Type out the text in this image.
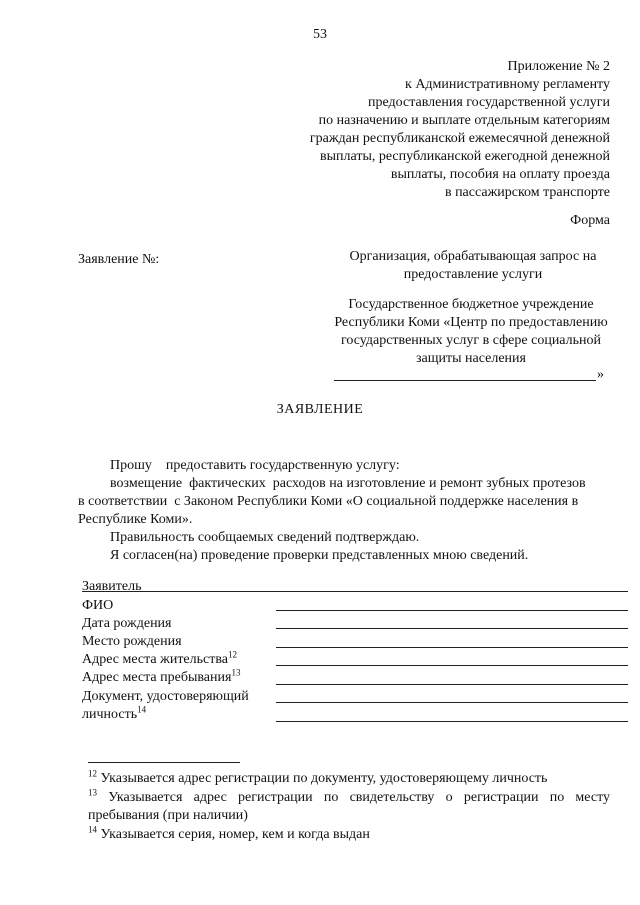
53
Приложение № 2
к Административному регламенту
предоставления государственной услуги
по назначению и выплате отдельным категориям
граждан республиканской ежемесячной денежной
выплаты, республиканской ежегодной денежной
выплаты, пособия на оплату проезда
в пассажирском транспорте
Форма
Заявление №:	Организация, обрабатывающая запрос на
предоставление услуги
Государственное бюджетное учреждение
Республики Коми «Центр по предоставлению
государственных услуг в сфере социальной
защиты населения
»
ЗАЯВЛЕНИЕ
Прошу    предоставить государственную услугу:
возмещение  фактических  расходов на изготовление и ремонт зубных протезов
в соответствии  с Законом Республики Коми «О социальной поддержке населения в
Республике Коми».
Правильность сообщаемых сведений подтверждаю.
Я согласен(на) проведение проверки представленных мною сведений.
Заявитель
ФИО
Дата рождения
Место рождения
Адрес места жительства$^{12}$
Адрес места пребывания$^{13}$
Документ, удостоверяющий
личность$^{14}$
$^{12}$ Указывается адрес регистрации по документу, удостоверяющему личность
$^{13}$ Указывается адрес регистрации по свидетельству о регистрации по месту пребывания (при наличии)
$^{14}$ Указывается серия, номер, кем и когда выдан
